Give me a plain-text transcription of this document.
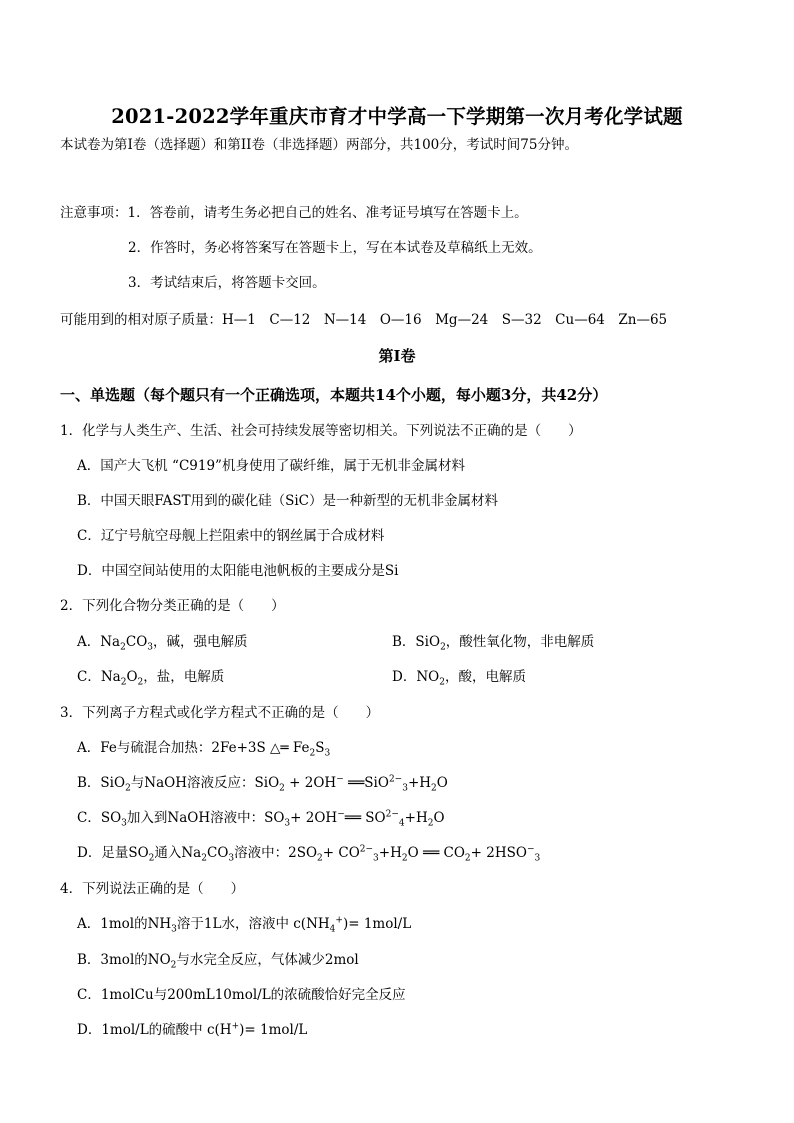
2021-2022学年重庆市育才中学高一下学期第一次月考化学试题
本试卷为第I卷（选择题）和第II卷（非选择题）两部分，共100分，考试时间75分钟。
注意事项：1．答卷前，请考生务必把自己的姓名、准考证号填写在答题卡上。
2．作答时，务必将答案写在答题卡上，写在本试卷及草稿纸上无效。
3．考试结束后，将答题卡交回。
可能用到的相对原子质量：H—1　C—12　N—14　O—16　Mg—24　S—32　Cu—64　Zn—65
第I卷
一、单选题（每个题只有一个正确选项，本题共14个小题，每小题3分，共42分）
1．化学与人类生产、生活、社会可持续发展等密切相关。下列说法不正确的是（　　）
A．国产大飞机 “C919”机身使用了碳纤维，属于无机非金属材料
B．中国天眼FAST用到的碳化硅（SiC）是一种新型的无机非金属材料
C．辽宁号航空母舰上拦阻索中的钢丝属于合成材料
D．中国空间站使用的太阳能电池帆板的主要成分是Si
2．下列化合物分类正确的是（　　）
A．$Na_2CO_3$，碱，强电解质	B．SiO$_2$，酸性氧化物，非电解质
C．$Na_2O_2$，盐，电解质	D．$NO_2$，酸，电解质
3．下列离子方程式或化学方程式不正确的是（　　）
A．Fe与硫混合加热：2Fe+3S △═ $Fe_2S_3$
B．SiO$_2$与NaOH溶液反应：SiO$_2$ + 2OH− $══SiO^{2-}_3+H_2O$
C．$SO_3$加入到NaOH溶液中：$SO_3+$ 2OH−══ $SO^{2-}_4+H_2O$
D．足量$SO_2$通入$Na_2CO_3$溶液中：$2SO_2+ CO^{2-}_3+H_2O$ ══ $CO_2+ 2HSO^-_3$
4．下列说法正确的是（　　）
A．1mol的$NH_3$溶于1L水，溶液中 $c(NH_4^+)= 1mol/L$
B．3mol的$NO_2$与水完全反应，气体减少2mol
C．1molCu与200mL10mol/L的浓硫酸恰好完全反应
D．1mol/L的硫酸中 c(H+)= 1mol/L
